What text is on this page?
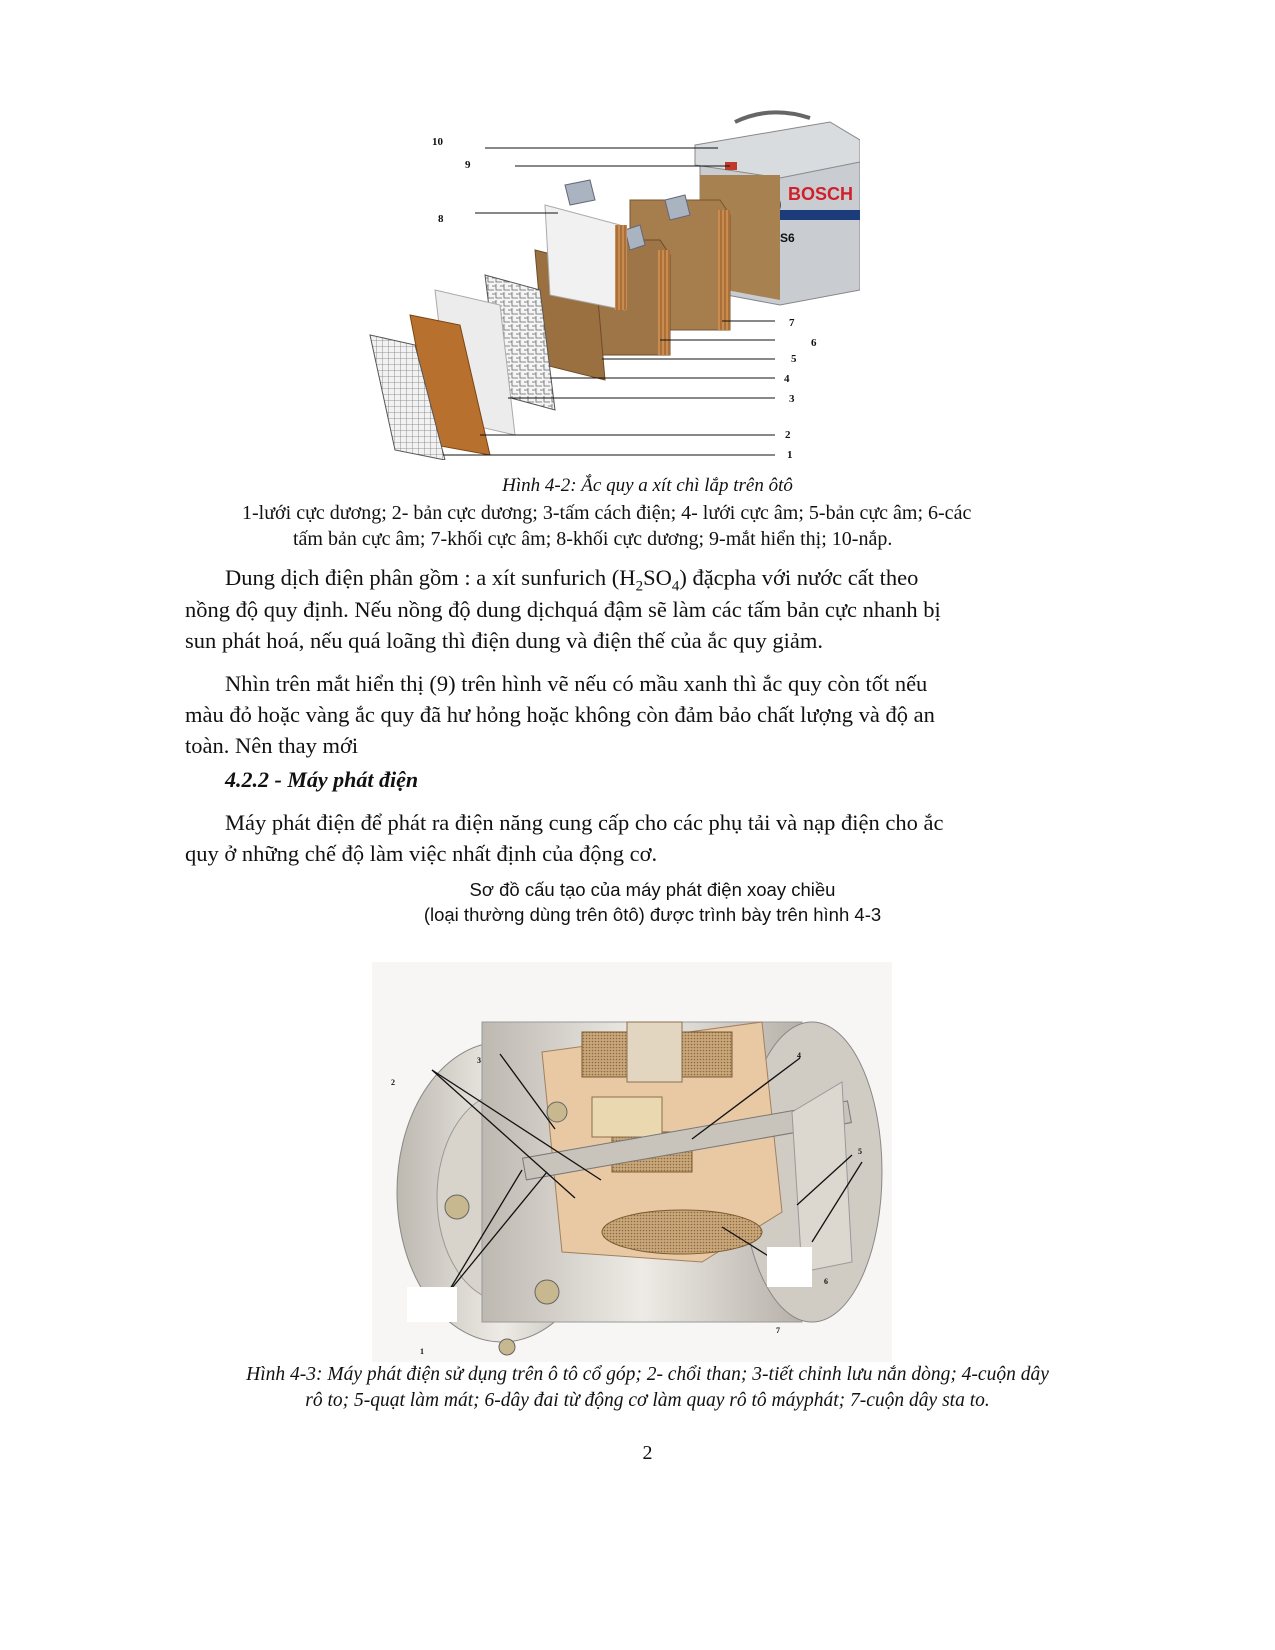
BOSCH
S6
10
9
8
7
6
5
4
3
2
1
Hình 4-2: Ắc quy a xít chì lắp trên ôtô
1-lưới cực dương; 2- bản cực dương; 3-tấm cách điện; 4- lưới cực âm; 5-bản cực âm; 6-các
tấm bản cực âm; 7-khối cực âm; 8-khối cực dương; 9-mắt hiển thị; 10-nắp.
Dung dịch điện phân gồm : a xít sunfurich $(H_2SO_4)$ đặcpha với nước cất theo
nồng độ quy định. Nếu nồng độ dung dịchquá đậm sẽ làm các tấm bản cực nhanh bị
sun phát hoá, nếu quá loãng thì điện dung và điện thế của ắc quy giảm.
Nhìn trên mắt hiển thị (9) trên hình vẽ nếu có mầu xanh thì ắc quy còn tốt nếu
màu đỏ hoặc vàng ắc quy đã hư hỏng hoặc không còn đảm bảo chất lượng và độ an
toàn. Nên thay mới
4.2.2 - Máy phát điện
Máy phát điện để phát ra điện năng cung cấp cho các phụ tải và nạp điện cho ắc
quy ở những chế độ làm việc nhất định của động cơ.
Sơ đồ cấu tạo của máy phát điện xoay chiều
(loại thường dùng trên ôtô) được trình bày trên hình 4-3
2
3
4
5
6
7
1
Hình 4-3: Máy phát điện sử dụng trên ô tô cổ góp; 2- chổi than; 3-tiết chỉnh lưu nắn dòng; 4-cuộn dây
rô to; 5-quạt làm mát; 6-dây đai từ động cơ làm quay rô tô máyphát; 7-cuộn dây sta to.
2
